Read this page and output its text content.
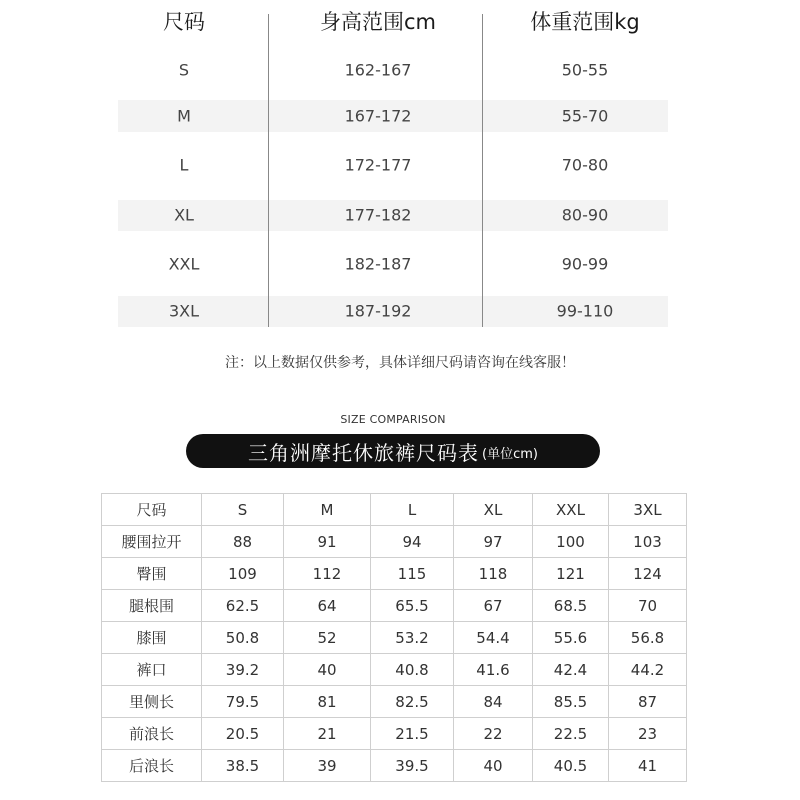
尺码	身高范围cm	体重范围kg
S	162-167	50-55
M	167-172	55-70
L	172-177	70-80
XL	177-182	80-90
XXL	182-187	90-99
3XL	187-192	99-110
注：以上数据仅供参考，具体详细尺码请咨询在线客服！
SIZE COMPARISON
三角洲摩托休旅裤尺码表 (单位cm)
尺码	S	M	L	XL	XXL	3XL
腰围拉开	88	91	94	97	100	103
臀围	109	112	115	118	121	124
腿根围	62.5	64	65.5	67	68.5	70
膝围	50.8	52	53.2	54.4	55.6	56.8
裤口	39.2	40	40.8	41.6	42.4	44.2
里侧长	79.5	81	82.5	84	85.5	87
前浪长	20.5	21	21.5	22	22.5	23
后浪长	38.5	39	39.5	40	40.5	41
